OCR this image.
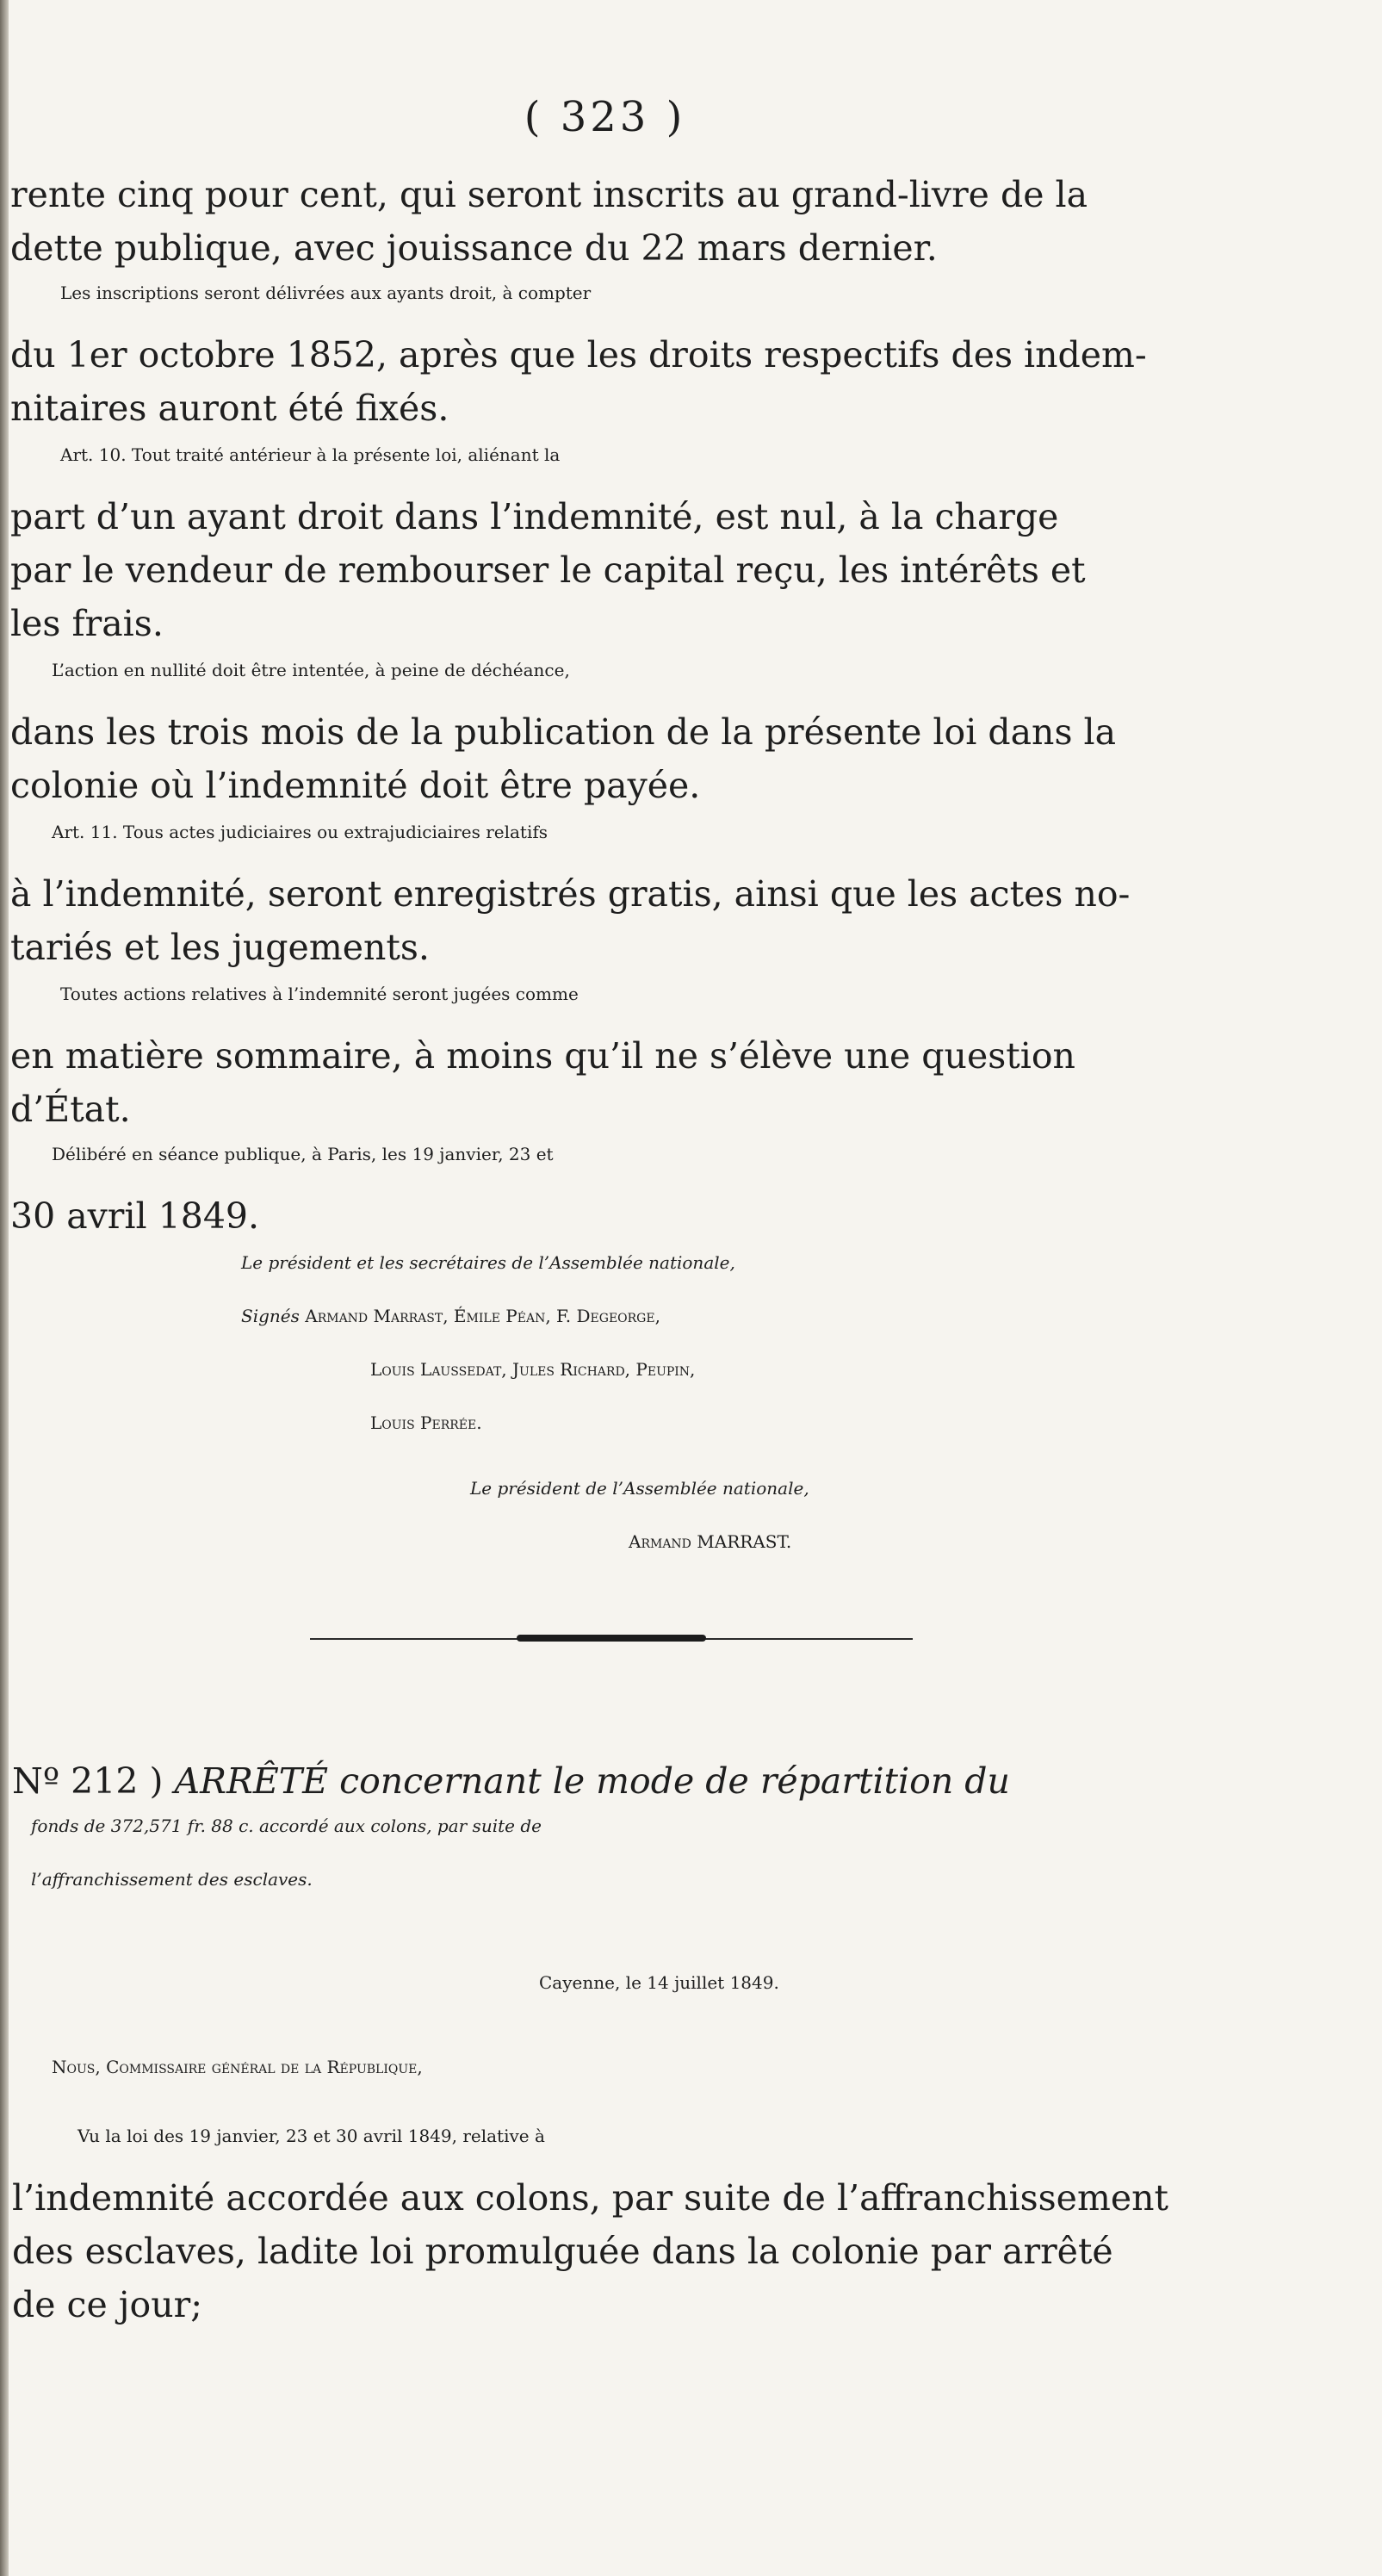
( 323 )

rente cinq pour cent, qui seront inscrits au grand-livre de la

dette publique, avec jouissance du 22 mars dernier.

Les inscriptions seront délivrées aux ayants droit, à compter

du 1er octobre 1852, après que les droits respectifs des indem-

nitaires auront été fixés.

Art. 10. Tout traité antérieur à la présente loi, aliénant la

part d’un ayant droit dans l’indemnité, est nul, à la charge

par le vendeur de rembourser le capital reçu, les intérêts et

les frais.

L’action en nullité doit être intentée, à peine de déchéance,

dans les trois mois de la publication de la présente loi dans la

colonie où l’indemnité doit être payée.

Art. 11. Tous actes judiciaires ou extrajudiciaires relatifs

à l’indemnité, seront enregistrés gratis, ainsi que les actes no-

tariés et les jugements.

Toutes actions relatives à l’indemnité seront jugées comme

en matière sommaire, à moins qu’il ne s’élève une question

d’État.

Délibéré en séance publique, à Paris, les 19 janvier, 23 et

30 avril 1849.

Le président et les secrétaires de l’Assemblée nationale,

Signés Armand Marrast, Émile Péan, F. Degeorge,

Louis Laussedat, Jules Richard, Peupin,

Louis Perrée.

Le président de l’Assemblée nationale,

Armand MARRAST.

Nº 212 ) ARRÊTÉ concernant le mode de répartition du

fonds de 372,571 fr. 88 c. accordé aux colons, par suite de

l’affranchissement des esclaves.

Cayenne, le 14 juillet 1849.

Nous, Commissaire général de la République,

Vu la loi des 19 janvier, 23 et 30 avril 1849, relative à

l’indemnité accordée aux colons, par suite de l’affranchissement

des esclaves, ladite loi promulguée dans la colonie par arrêté

de ce jour;
